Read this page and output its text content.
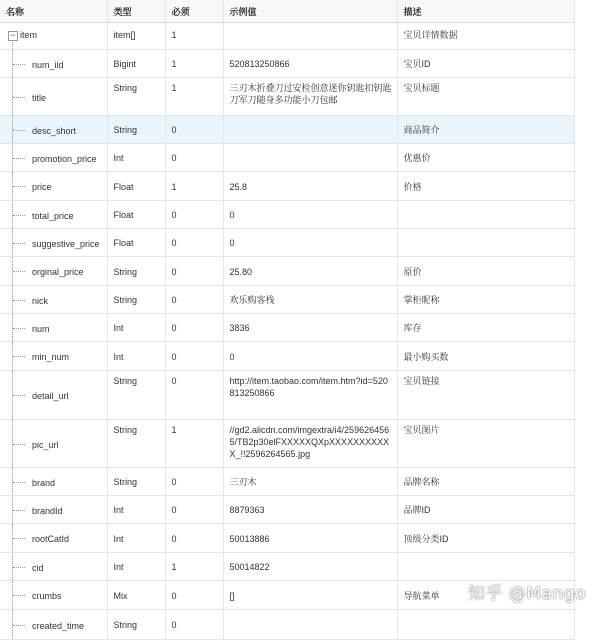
名称	类型	必须	示例值	描述

− item	item[]	1		宝贝详情数据

num_iid	Bigint	1	520813250866	宝贝ID

title	String	1	三刃木折叠刀过安检创意迷你钥匙扣钥匙刀军刀随身多功能小刀包邮	宝贝标题

desc_short	String	0		商品简介

promotion_price	Int	0		优惠价

price	Float	1	25.8	价格

total_price	Float	0	0	

suggestive_price	Float	0	0	

orginal_price	String	0	25.80	原价

nick	String	0	欢乐购客栈	掌柜昵称

num	Int	0	3836	库存

min_num	Int	0	0	最小购买数

detail_url	String	0	http://item.taobao.com/item.htm?id=520813250866	宝贝链接

pic_url	String	1	//gd2.alicdn.com/imgextra/i4/2596264565/TB2p30elFXXXXXQXpXXXXXXXXXXX_!!2596264565.jpg	宝贝图片

brand	String	0	三刃木	品牌名称

brandId	Int	0	8879363	品牌ID

rootCatId	Int	0	50013886	顶级分类ID

cid	Int	1	50014822	

crumbs	Mix	0	[]	导航菜单

created_time	String	0		
知乎 @Mango
